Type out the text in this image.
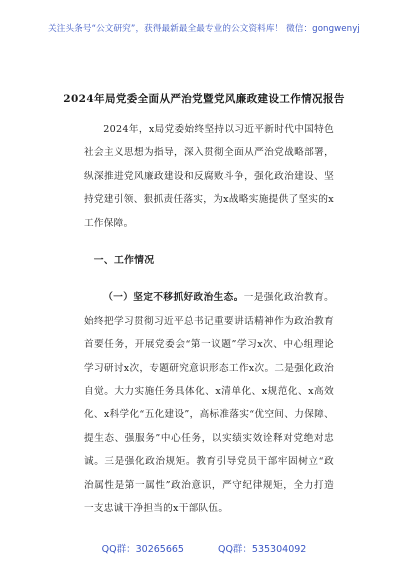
关注头条号“公文研究”，获得最新最全最专业的公文资料库！ 微信：gongwenyj
2024年局党委全面从严治党暨党风廉政建设工作情况报告

2024年，x局党委始终坚持以习近平新时代中国特色社会主义思想为指导，深入贯彻全面从严治党战略部署，纵深推进党风廉政建设和反腐败斗争，强化政治建设、坚持党建引领、狠抓责任落实，为x战略实施提供了坚实的x工作保障。

一、工作情况

（一）坚定不移抓好政治生态。一是强化政治教育。始终把学习贯彻习近平总书记重要讲话精神作为政治教育首要任务，开展党委会“第一议题”学习x次、中心组理论学习研讨x次，专题研究意识形态工作x次。二是强化政治自觉。大力实施任务具体化、x清单化、x规范化、x高效化、x科学化“五化建设”，高标准落实“优空间、力保障、提生态、强服务”中心任务，以实绩实效诠释对党绝对忠诚。三是强化政治规矩。教育引导党员干部牢固树立“政治属性是第一属性”政治意识，严守纪律规矩，全力打造一支忠诚干净担当的x干部队伍。

QQ群：30265665	QQ群：535304092
